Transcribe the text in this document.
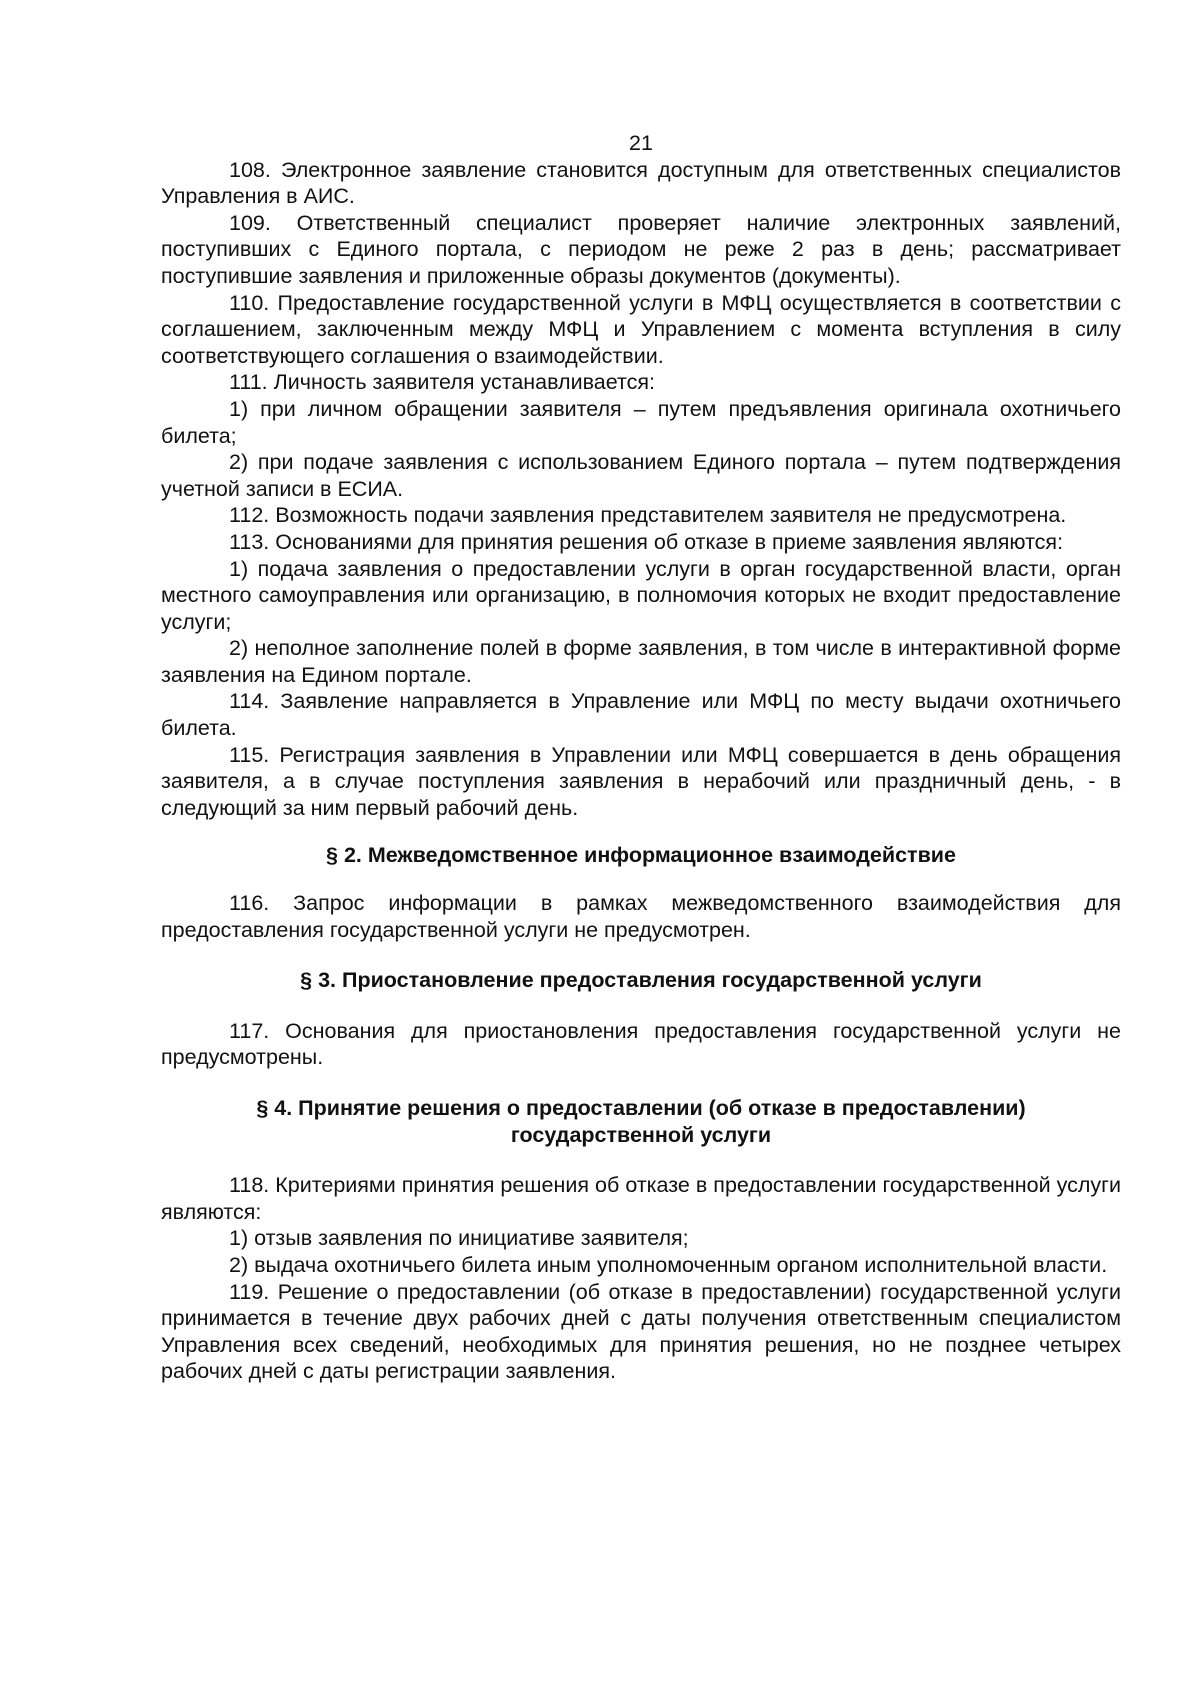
21

108. Электронное заявление становится доступным для ответственных специалистов Управления в АИС.

109. Ответственный специалист проверяет наличие электронных заявлений, поступивших с Единого портала, с периодом не реже 2 раз в день; рассматривает поступившие заявления и приложенные образы документов (документы).

110. Предоставление государственной услуги в МФЦ осуществляется в соответствии с соглашением, заключенным между МФЦ и Управлением с момента вступления в силу соответствующего соглашения о взаимодействии.

111. Личность заявителя устанавливается:

1) при личном обращении заявителя – путем предъявления оригинала охотничьего билета;

2) при подаче заявления с использованием Единого портала – путем подтверждения учетной записи в ЕСИА.

112. Возможность подачи заявления представителем заявителя не предусмотрена.

113. Основаниями для принятия решения об отказе в приеме заявления являются:

1) подача заявления о предоставлении услуги в орган государственной власти, орган местного самоуправления или организацию, в полномочия которых не входит предоставление услуги;

2) неполное заполнение полей в форме заявления, в том числе в интерактивной форме заявления на Едином портале.

114. Заявление направляется в Управление или МФЦ по месту выдачи охотничьего билета.

115. Регистрация заявления в Управлении или МФЦ совершается в день обращения заявителя, а в случае поступления заявления в нерабочий или праздничный день, - в следующий за ним первый рабочий день.

§ 2. Межведомственное информационное взаимодействие

116. Запрос информации в рамках межведомственного взаимодействия для предоставления государственной услуги не предусмотрен.

§ 3. Приостановление предоставления государственной услуги

117. Основания для приостановления предоставления государственной услуги не предусмотрены.

§ 4. Принятие решения о предоставлении (об отказе в предоставлении)
государственной услуги

118. Критериями принятия решения об отказе в предоставлении государственной услуги являются:

1) отзыв заявления по инициативе заявителя;

2) выдача охотничьего билета иным уполномоченным органом исполнительной власти.

119. Решение о предоставлении (об отказе в предоставлении) государственной услуги принимается в течение двух рабочих дней с даты получения ответственным специалистом Управления всех сведений, необходимых для принятия решения, но не позднее четырех рабочих дней с даты регистрации заявления.
